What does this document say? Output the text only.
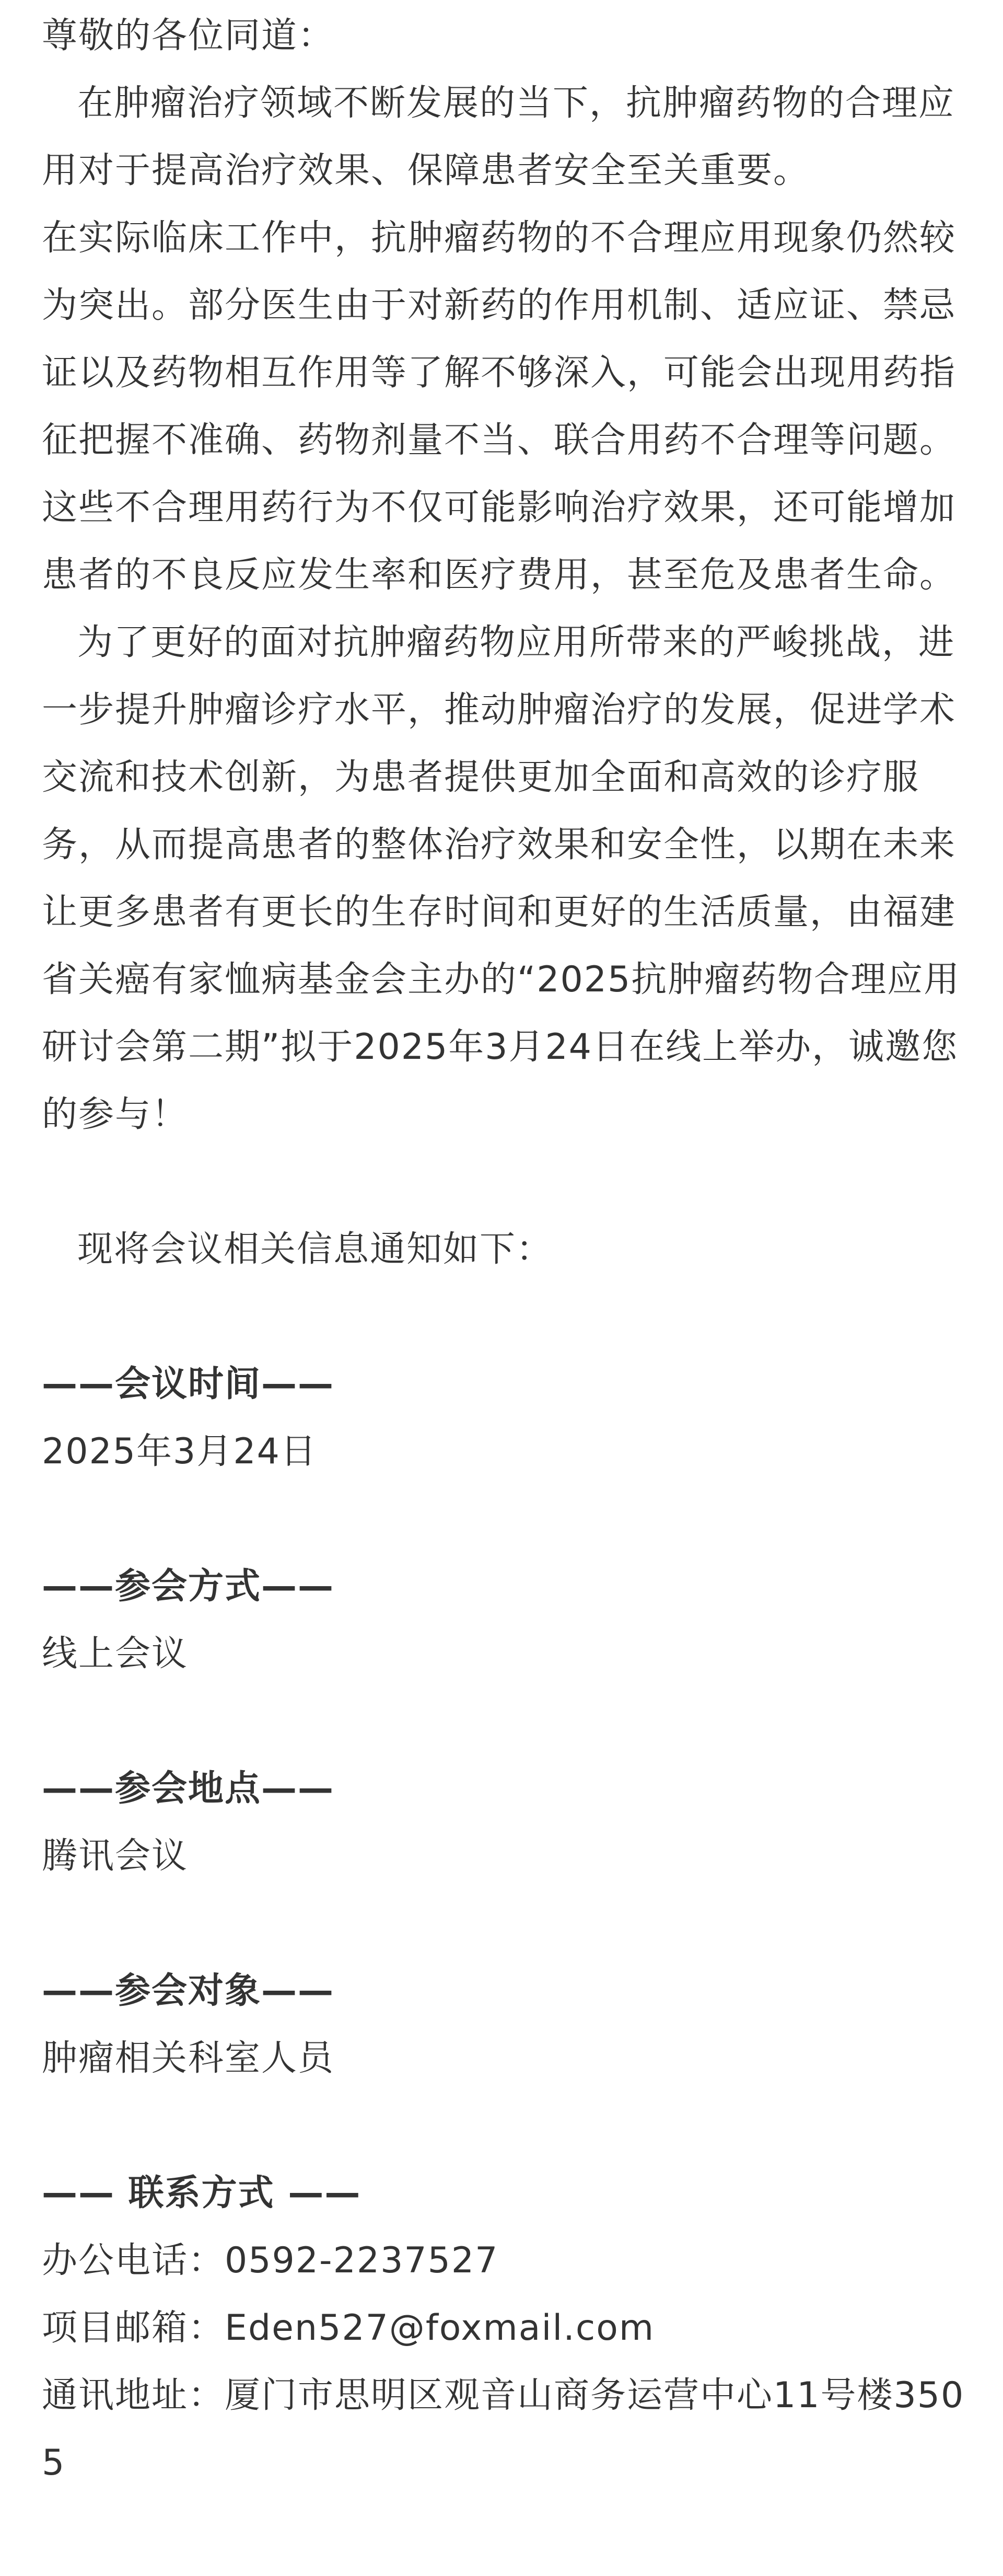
尊敬的各位同道：

在肿瘤治疗领域不断发展的当下，抗肿瘤药物的合理应用对于提高治疗效果、保障患者安全至关重要。

在实际临床工作中，抗肿瘤药物的不合理应用现象仍然较为突出。部分医生由于对新药的作用机制、适应证、禁忌证以及药物相互作用等了解不够深入，可能会出现用药指征把握不准确、药物剂量不当、联合用药不合理等问题。这些不合理用药行为不仅可能影响治疗效果，还可能增加患者的不良反应发生率和医疗费用，甚至危及患者生命。

为了更好的面对抗肿瘤药物应用所带来的严峻挑战，进一步提升肿瘤诊疗水平，推动肿瘤治疗的发展，促进学术交流和技术创新，为患者提供更加全面和高效的诊疗服务，从而提高患者的整体治疗效果和安全性，以期在未来让更多患者有更长的生存时间和更好的生活质量，由福建省关癌有家恤病基金会主办的“2025抗肿瘤药物合理应用研讨会第二期”拟于2025年3月24日在线上举办，诚邀您的参与！

现将会议相关信息通知如下：

——会议时间——

2025年3月24日

——参会方式——

线上会议

——参会地点——

腾讯会议

——参会对象——

肿瘤相关科室人员

—— 联系方式 ——

办公电话：0592-2237527

项目邮箱：Eden527@foxmail.com

通讯地址：厦门市思明区观音山商务运营中心11号楼3505
